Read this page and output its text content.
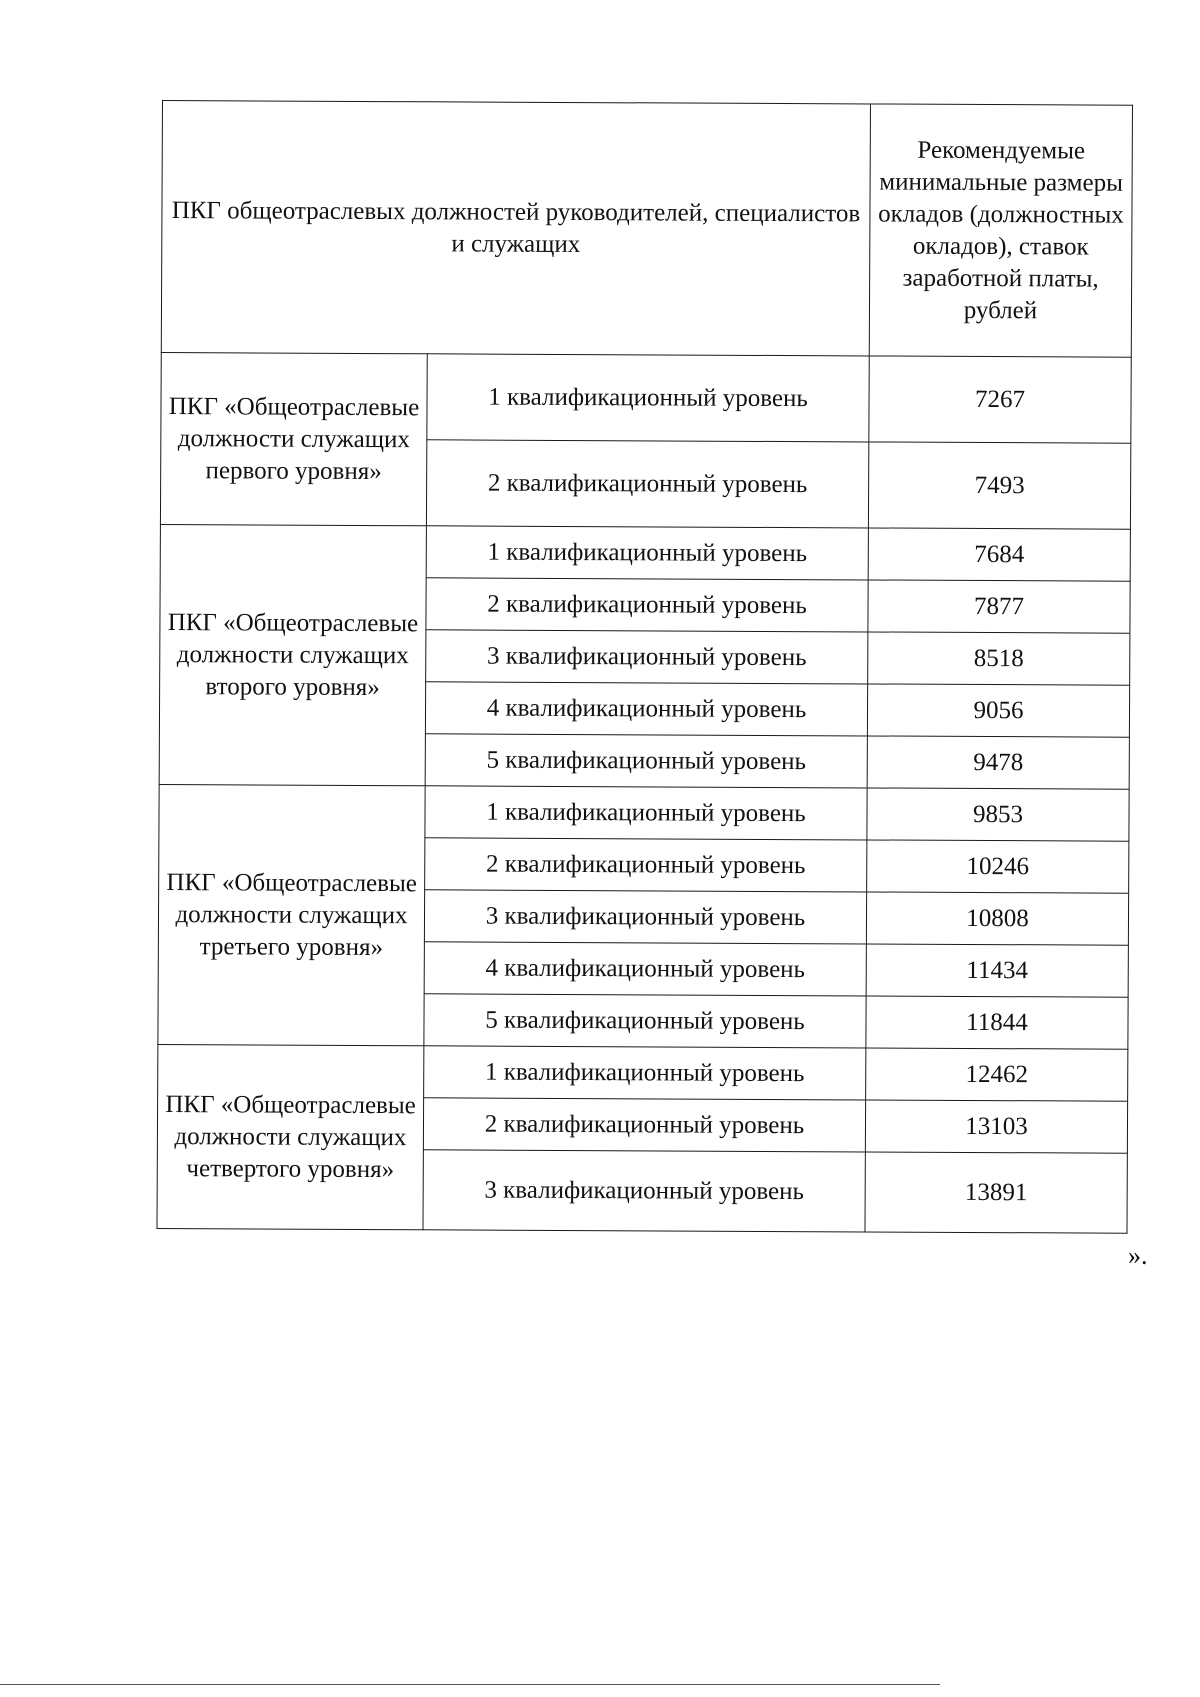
ПКГ общеотраслевых должностей руководителей, специалистов и служащих		Рекомендуемые минимальные размеры окладов (должностных окладов), ставок заработной платы, рублей
ПКГ «Общеотраслевые должности служащих первого уровня»	1 квалификационный уровень	7267
	2 квалификационный уровень	7493
ПКГ «Общеотраслевые должности служащих второго уровня»	1 квалификационный уровень	7684
	2 квалификационный уровень	7877
	3 квалификационный уровень	8518
	4 квалификационный уровень	9056
	5 квалификационный уровень	9478
ПКГ «Общеотраслевые должности служащих третьего уровня»	1 квалификационный уровень	9853
	2 квалификационный уровень	10246
	3 квалификационный уровень	10808
	4 квалификационный уровень	11434
	5 квалификационный уровень	11844
ПКГ «Общеотраслевые должности служащих четвертого уровня»	1 квалификационный уровень	12462
	2 квалификационный уровень	13103
	3 квалификационный уровень	13891
».
